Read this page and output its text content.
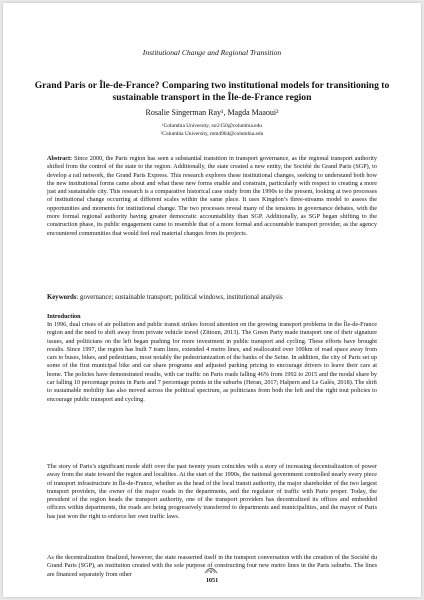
Institutional Change and Regional Transition
Grand Paris or Île-de-France? Comparing two institutional models for transitioning to sustainable transport in the Île-de-France region
Rosalie Singerman Ray¹, Magda Maaoui²
¹Columbia University, rsr2150@columbia.edu
²Columbia University, mm4964@columbia.edu
Abstract: Since 2000, the Paris region has seen a substantial transition in transport governance, as the regional transport authority shifted from the control of the state to the region. Additionally, the state created a new entity, the Société du Grand Paris (SGP), to develop a rail network, the Grand Paris Express. This research explores these institutional changes, seeking to understand both how the new institutional forms came about and what these new forms enable and constrain, particularly with respect to creating a more just and sustainable city. This research is a comparative historical case study from the 1990s to the present, looking at two processes of institutional change occurring at different scales within the same place. It uses Kingdon’s three-streams model to assess the opportunities and moments for institutional change. The two processes reveal many of the tensions in governance debates, with the more formal regional authority having greater democratic accountability than SGP. Additionally, as SGP began shifting to the construction phase, its public engagement came to resemble that of a more formal and accountable transport provider, as the agency encountered communities that would feel real material changes from its projects.
Keywords: governance; sustainable transport; political windows, institutional analysis
Introduction
In 1996, dual crises of air pollution and public transit strikes forced attention on the growing transport problems in the Île-de-France region and the need to shift away from private vehicle travel (Zittoun, 2013). The Green Party made transport one of their signature issues, and politicians on the left began pushing for more investment in public transport and cycling. These efforts have brought results. Since 1997, the region has built 7 tram lines, extended 4 metro lines, and reallocated over 100km of road space away from cars to buses, bikes, and pedestrians, most notably the pedestrianization of the banks of the Seine. In addition, the city of Paris set up some of the first municipal bike and car share programs and adjusted parking pricing to encourage drivers to leave their cars at home. The policies have demonstrated results, with car traffic on Paris roads falling 46% from 1992 to 2015 and the modal share by car falling 10 percentage points in Paris and 7 percentage points in the suburbs (Heran, 2017; Halpern and Le Galès, 2018). The shift to sustainable mobility has also moved across the political spectrum, as politicians from both the left and the right tout policies to encourage public transport and cycling.
The story of Paris’s significant mode shift over the past twenty years coincides with a story of increasing decentralization of power away from the state toward the region and localities. At the start of the 1990s, the national government controlled nearly every piece of transport infrastructure in Île-de-France, whether as the head of the local transit authority, the major shareholder of the two largest transport providers, the owner of the major roads in the departments, and the regulator of traffic with Paris proper. Today, the president of the region heads the transport authority, one of the transport providers has decentralized its offices and embedded officers within departments, the roads are being progressively transferred to departments and municipalities, and the mayor of Paris has just won the right to enforce her own traffic laws.
As the decentralization finalized, however, the state reasserted itself in the transport conversation with the creation of the Société du Grand Paris (SGP), an institution created with the sole purpose of constructing four new metro lines in the Paris suburbs. The lines are financed separately from other
1051
